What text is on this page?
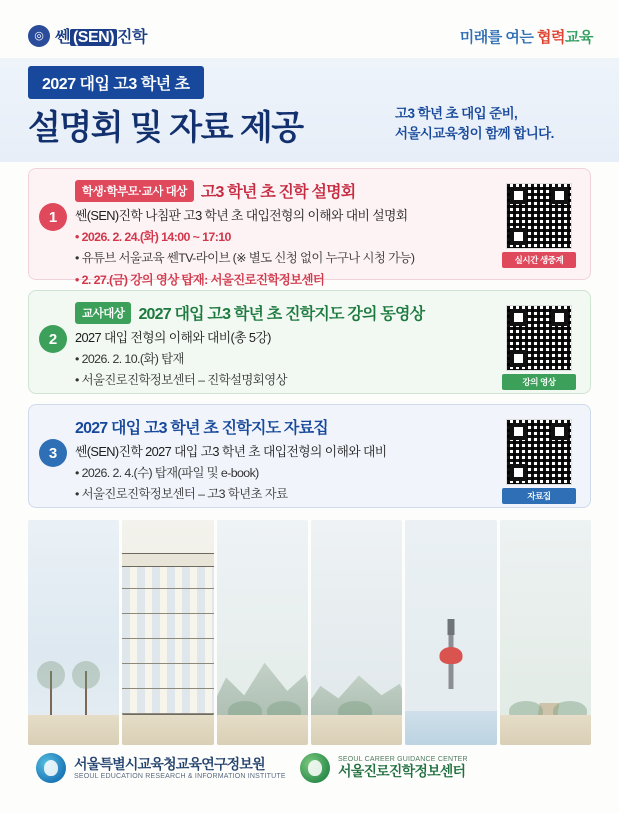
◎ 쎈 (SEN) 진학	미래를 여는 협력교육
2027 대입 고3 학년 초
설명회 및 자료 제공	고3 학년 초 대입 준비,
서울시교육청이 함께 합니다.
1
학생·학부모·교사 대상 고3 학년 초 진학 설명회
쎈(SEN)진학 나침판 고3 학년 초 대입전형의 이해와 대비 설명회
• 2026. 2. 24.(화) 14:00 ~ 17:10
• 유튜브 서울교육 쎈TV-라이브 (※ 별도 신청 없이 누구나 시청 가능)
• 2. 27.(금) 강의 영상 탑재: 서울진로진학정보센터
실시간 생중계
2
교사대상 2027 대입 고3 학년 초 진학지도 강의 동영상
2027 대입 전형의 이해와 대비(총 5강)
• 2026. 2. 10.(화) 탑재
• 서울진로진학정보센터 – 진학설명회영상	강의 영상
3
2027 대입 고3 학년 초 진학지도 자료집
쎈(SEN)진학 2027 대입 고3 학년 초 대입전형의 이해와 대비
• 2026. 2. 4.(수) 탑재(파일 및 e-book)
• 서울진로진학정보센터 – 고3 학년초 자료	자료집
서울특별시교육청교육연구정보원
SEOUL EDUCATION RESEARCH & INFORMATION INSTITUTE
SEOUL CAREER GUIDANCE CENTER
서울진로진학정보센터
